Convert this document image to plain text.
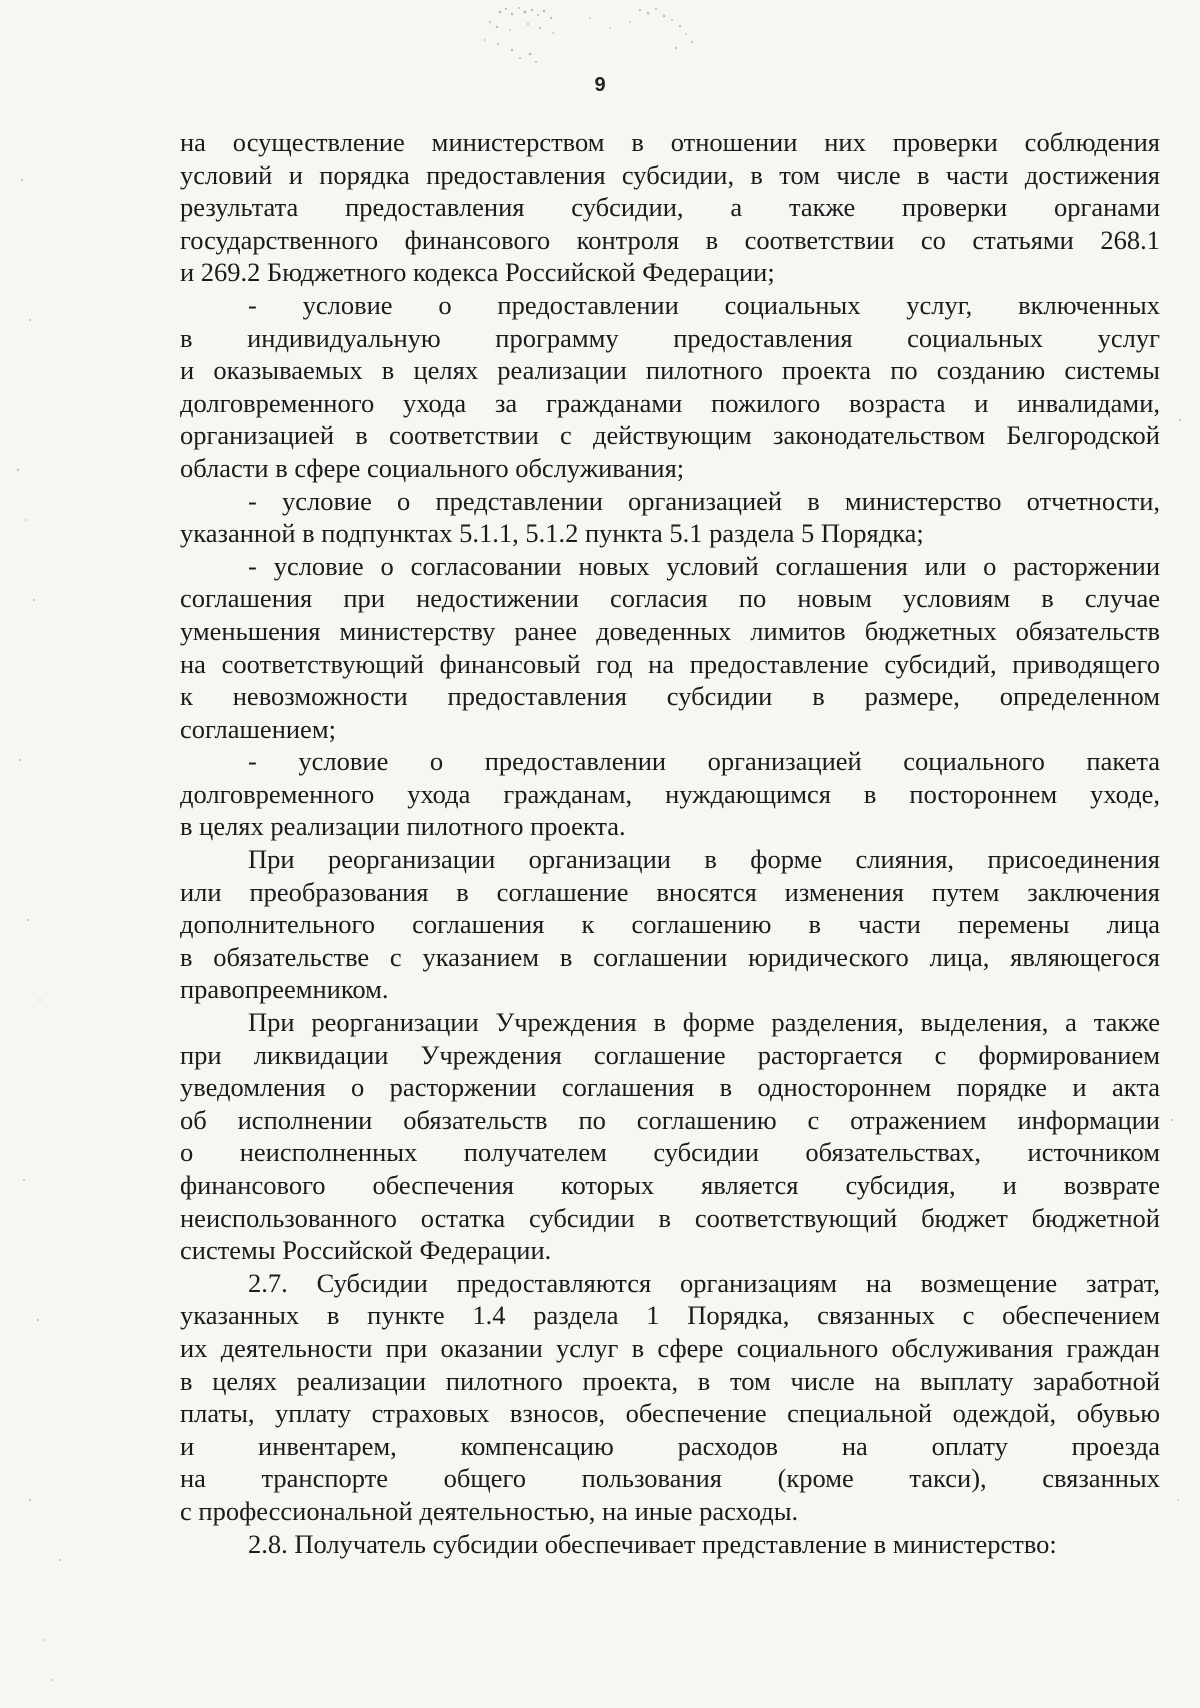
9
на осуществление министерством в отношении них проверки соблюдения
условий и порядка предоставления субсидии, в том числе в части достижения
результата предоставления субсидии, а также проверки органами
государственного финансового контроля в соответствии со статьями 268.1
и 269.2 Бюджетного кодекса Российской Федерации;
- условие о предоставлении социальных услуг, включенных
в индивидуальную программу предоставления социальных услуг
и оказываемых в целях реализации пилотного проекта по созданию системы
долговременного ухода за гражданами пожилого возраста и инвалидами,
организацией в соответствии с действующим законодательством Белгородской
области в сфере социального обслуживания;
- условие о представлении организацией в министерство отчетности,
указанной в подпунктах 5.1.1, 5.1.2 пункта 5.1 раздела 5 Порядка;
- условие о согласовании новых условий соглашения или о расторжении
соглашения при недостижении согласия по новым условиям в случае
уменьшения министерству ранее доведенных лимитов бюджетных обязательств
на соответствующий финансовый год на предоставление субсидий, приводящего
к невозможности предоставления субсидии в размере, определенном
соглашением;
- условие о предоставлении организацией социального пакета
долговременного ухода гражданам, нуждающимся в постороннем уходе,
в целях реализации пилотного проекта.
При реорганизации организации в форме слияния, присоединения
или преобразования в соглашение вносятся изменения путем заключения
дополнительного соглашения к соглашению в части перемены лица
в обязательстве с указанием в соглашении юридического лица, являющегося
правопреемником.
При реорганизации Учреждения в форме разделения, выделения, а также
при ликвидации Учреждения соглашение расторгается с формированием
уведомления о расторжении соглашения в одностороннем порядке и акта
об исполнении обязательств по соглашению с отражением информации
о неисполненных получателем субсидии обязательствах, источником
финансового обеспечения которых является субсидия, и возврате
неиспользованного остатка субсидии в соответствующий бюджет бюджетной
системы Российской Федерации.
2.7. Субсидии предоставляются организациям на возмещение затрат,
указанных в пункте 1.4 раздела 1 Порядка, связанных с обеспечением
их деятельности при оказании услуг в сфере социального обслуживания граждан
в целях реализации пилотного проекта, в том числе на выплату заработной
платы, уплату страховых взносов, обеспечение специальной одеждой, обувью
и инвентарем, компенсацию расходов на оплату проезда
на транспорте общего пользования (кроме такси), связанных
с профессиональной деятельностью, на иные расходы.
2.8. Получатель субсидии обеспечивает представление в министерство:
